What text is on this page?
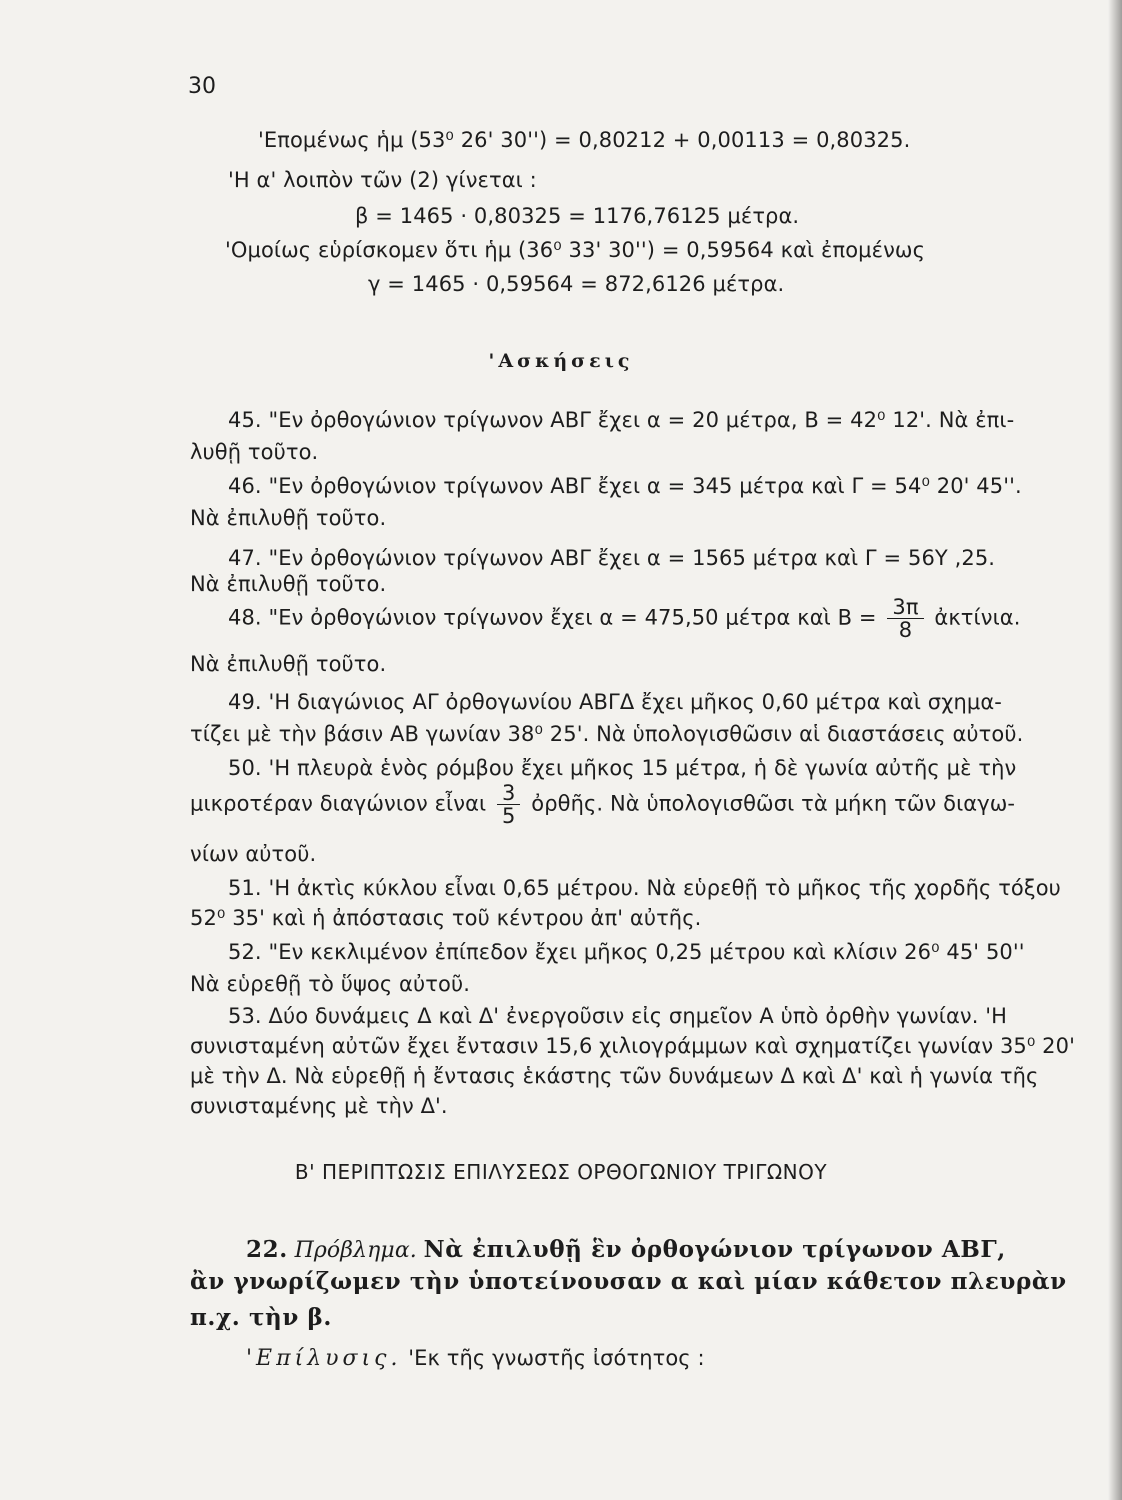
30
'Επομένως ἡμ (53⁰ 26' 30'') = 0,80212 + 0,00113 = 0,80325.
'Η α' λοιπὸν τῶν (2) γίνεται :
β = 1465 · 0,80325 = 1176,76125 μέτρα.
'Ομοίως εὑρίσκομεν ὅτι ἡμ (36⁰ 33' 30'') = 0,59564 καὶ ἐπομένως
γ = 1465 · 0,59564 = 872,6126 μέτρα.
'Ασκήσεις
45. "Εν ὀρθογώνιον τρίγωνον ΑΒΓ ἔχει α = 20 μέτρα, Β = 42⁰ 12'. Νὰ ἐπι-
λυθῇ τοῦτο.
46. "Εν ὀρθογώνιον τρίγωνον ΑΒΓ ἔχει α = 345 μέτρα καὶ Γ = 54⁰ 20' 45''.
Νὰ ἐπιλυθῇ τοῦτο.
47. "Εν ὀρθογώνιον τρίγωνον ΑΒΓ ἔχει α = 1565 μέτρα καὶ Γ = 56Υ ,25.
Νὰ ἐπιλυθῇ τοῦτο.
48. "Εν ὀρθογώνιον τρίγωνον ἔχει α = 475,50 μέτρα καὶ $B = \frac{3\pi}{8}$ ἀκτίνια.
Νὰ ἐπιλυθῇ τοῦτο.
49. 'Η διαγώνιος ΑΓ ὀρθογωνίου ΑΒΓΔ ἔχει μῆκος 0,60 μέτρα καὶ σχημα-
τίζει μὲ τὴν βάσιν ΑΒ γωνίαν 38⁰ 25'. Νὰ ὑπολογισθῶσιν αἱ διαστάσεις αὐτοῦ.
50. 'Η πλευρὰ ἑνὸς ρόμβου ἔχει μῆκος 15 μέτρα, ἡ δὲ γωνία αὐτῆς μὲ τὴν
μικροτέραν διαγώνιον εἶναι $\frac{3}{5}$ ὀρθῆς. Νὰ ὑπολογισθῶσι τὰ μήκη τῶν διαγω-
νίων αὐτοῦ.
51. 'Η ἀκτὶς κύκλου εἶναι 0,65 μέτρου. Νὰ εὑρεθῇ τὸ μῆκος τῆς χορδῆς τόξου
52⁰ 35' καὶ ἡ ἀπόστασις τοῦ κέντρου ἀπ' αὐτῆς.
52. "Εν κεκλιμένον ἐπίπεδον ἔχει μῆκος 0,25 μέτρου καὶ κλίσιν 26⁰ 45' 50''
Νὰ εὑρεθῇ τὸ ὕψος αὐτοῦ.
53. Δύο δυνάμεις Δ καὶ Δ' ἐνεργοῦσιν εἰς σημεῖον Α ὑπὸ ὀρθὴν γωνίαν. 'Η
συνισταμένη αὐτῶν ἔχει ἔντασιν 15,6 χιλιογράμμων καὶ σχηματίζει γωνίαν 35⁰ 20'
μὲ τὴν Δ. Νὰ εὑρεθῇ ἡ ἔντασις ἑκάστης τῶν δυνάμεων Δ καὶ Δ' καὶ ἡ γωνία τῆς
συνισταμένης μὲ τὴν Δ'.
Β' ΠΕΡΙΠΤΩΣΙΣ ΕΠΙΛΥΣΕΩΣ ΟΡΘΟΓΩΝΙΟΥ ΤΡΙΓΩΝΟΥ
22. Πρόβλημα. Νὰ ἐπιλυθῇ ἓν ὀρθογώνιον τρίγωνον ΑΒΓ,
ἂν γνωρίζωμεν τὴν ὑποτείνουσαν α καὶ μίαν κάθετον πλευρὰν
π.χ. τὴν β.
'Επίλυσις. 'Εκ τῆς γνωστῆς ἰσότητος :
